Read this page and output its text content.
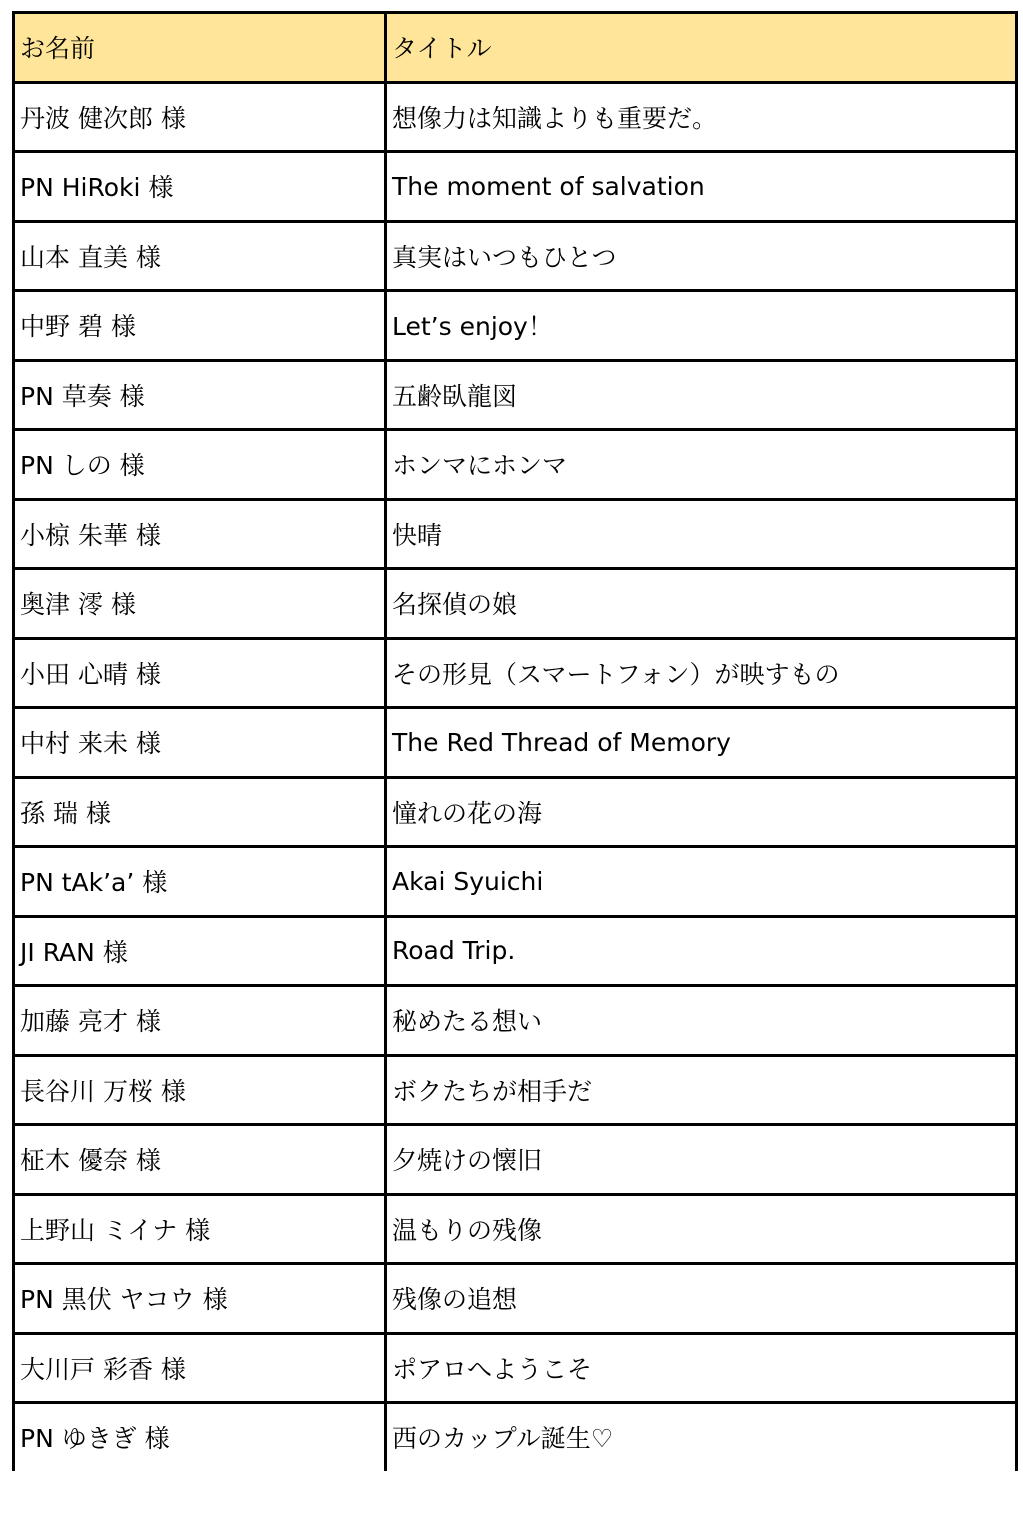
お名前	タイトル
丹波 健次郎 様	想像力は知識よりも重要だ。
PN HiRoki 様	The moment of salvation
山本 直美 様	真実はいつもひとつ
中野 碧 様	Let’s enjoy！
PN 草奏 様	五齢臥龍図
PN しの 様	ホンマにホンマ
小椋 朱華 様	快晴
奥津 澪 様	名探偵の娘
小田 心晴 様	その形見（スマートフォン）が映すもの
中村 来未 様	The Red Thread of Memory
孫 瑞 様	憧れの花の海
PN tAk’a’ 様	Akai Syuichi
JI RAN 様	Road Trip.
加藤 亮才 様	秘めたる想い
長谷川 万桜 様	ボクたちが相手だ
柾木 優奈 様	夕焼けの懐旧
上野山 ミイナ 様	温もりの残像
PN 黒伏 ヤコウ 様	残像の追想
大川戸 彩香 様	ポアロへようこそ
PN ゆきぎ 様	西のカップル誕生♡
